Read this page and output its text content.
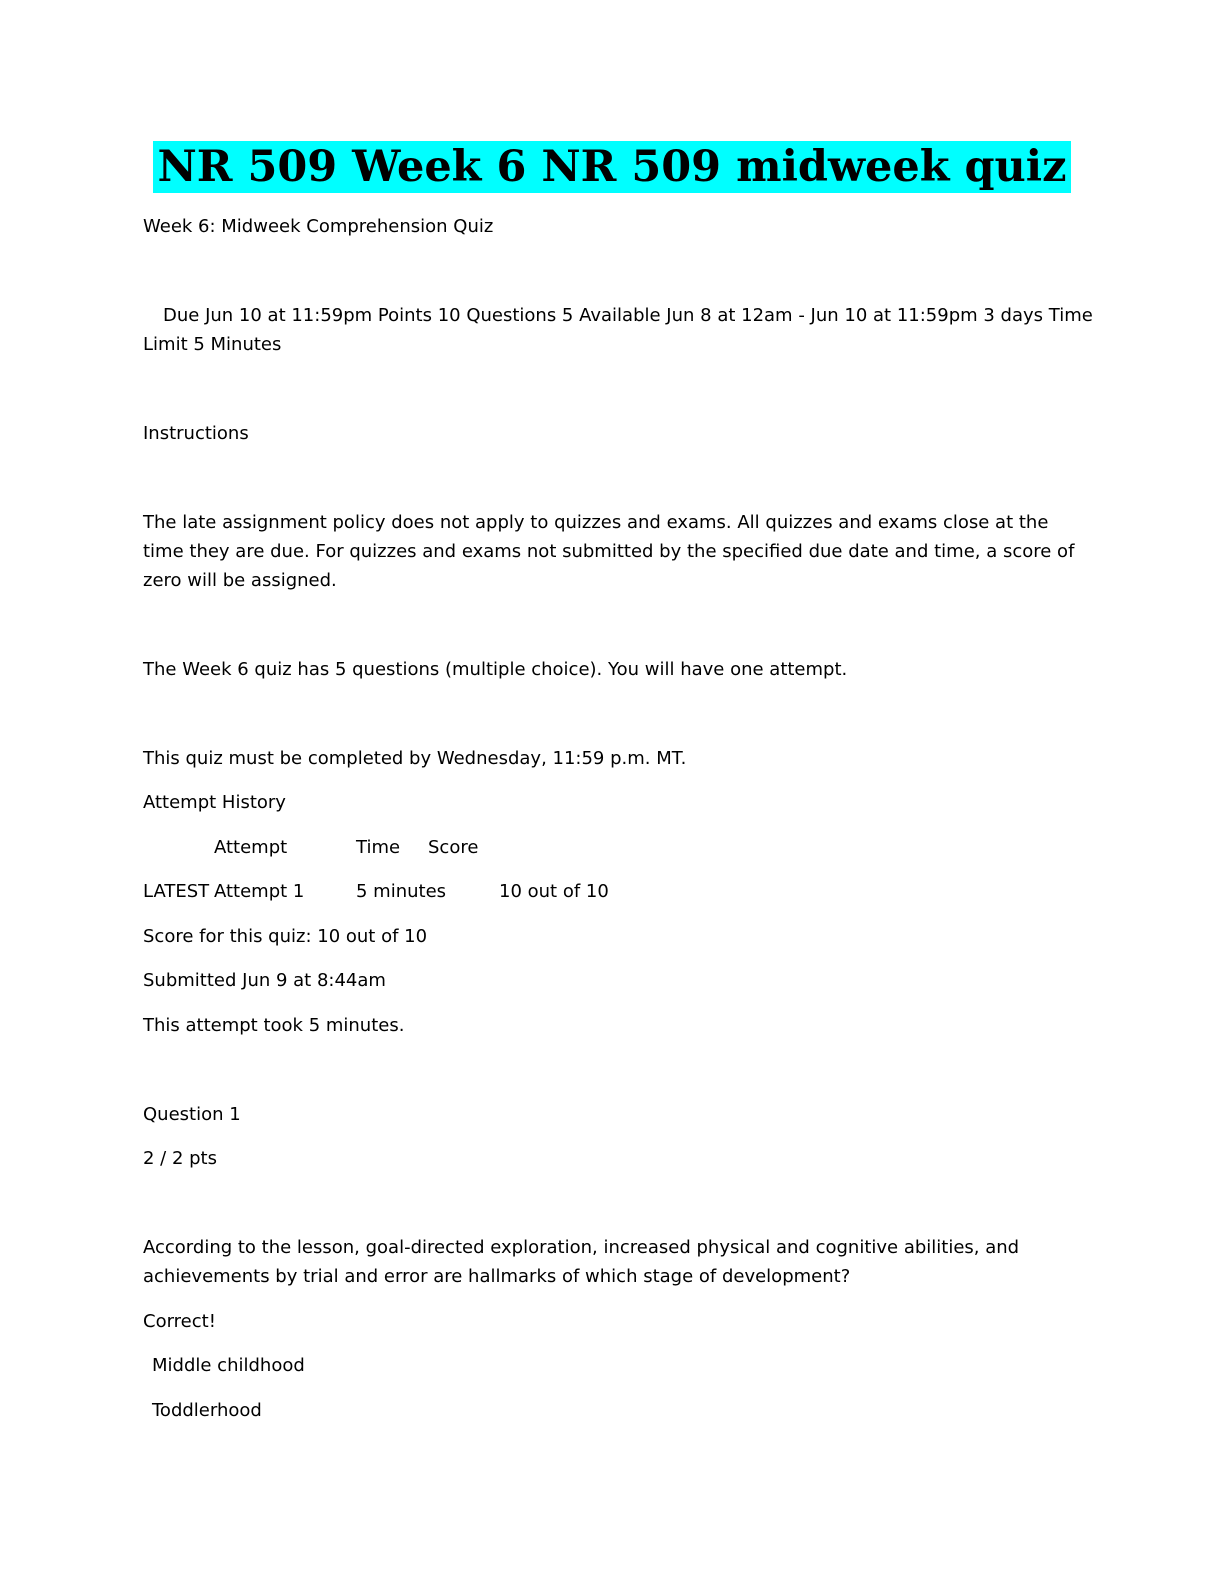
NR 509 Week 6 NR 509 midweek quiz
Week 6: Midweek Comprehension Quiz
Due Jun 10 at 11:59pm Points 10 Questions 5 Available Jun 8 at 12am - Jun 10 at 11:59pm 3 days Time
Limit 5 Minutes
Instructions
The late assignment policy does not apply to quizzes and exams. All quizzes and exams close at the time they are due. For quizzes and exams not submitted by the specified due date and time, a score of zero will be assigned.
The Week 6 quiz has 5 questions (multiple choice). You will have one attempt.
This quiz must be completed by Wednesday, 11:59 p.m. MT.
Attempt History
Attempt	Time Score
LATEST Attempt 1	5 minutes	10 out of 10
Score for this quiz: 10 out of 10
Submitted Jun 9 at 8:44am
This attempt took 5 minutes.
Question 1
2 / 2 pts
According to the lesson, goal-directed exploration, increased physical and cognitive abilities, and achievements by trial and error are hallmarks of which stage of development?
Correct!
Middle childhood
Toddlerhood
